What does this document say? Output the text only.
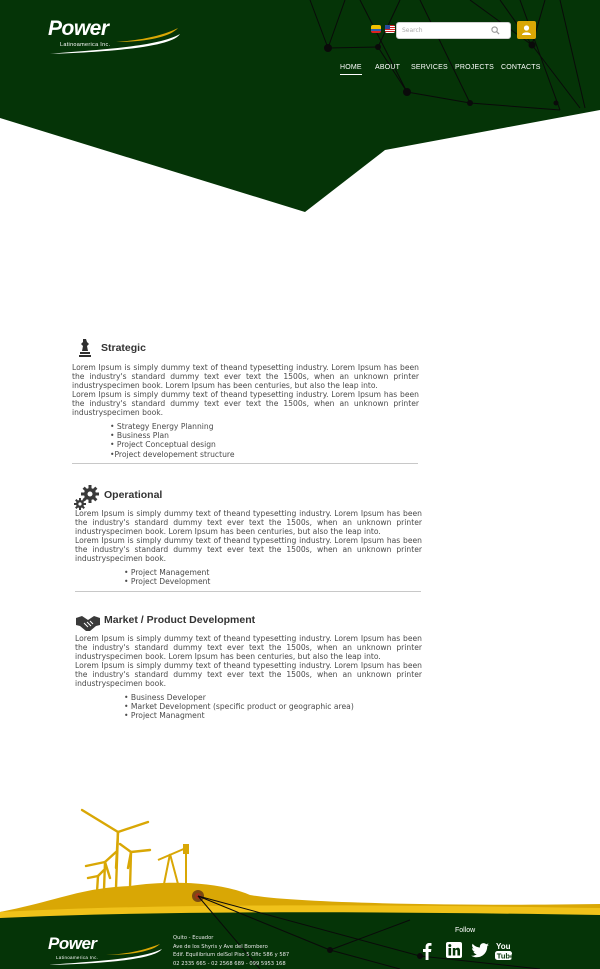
Power
Latinoamerica Inc.
Search
HOME ABOUT SERVICES PROJECTS CONTACTS
Strategic

Lorem Ipsum is simply dummy text of theand typesetting industry. Lorem Ipsum has been the industry's standard dummy text ever text the 1500s, when an unknown printer industryspecimen book. Lorem Ipsum has been centuries, but also the leap into.

Lorem Ipsum is simply dummy text of theand typesetting industry. Lorem Ipsum has been the industry's standard dummy text ever text the 1500s, when an unknown printer industryspecimen book.

• Strategy Energy Planning
• Business Plan
• Project Conceptual design
•Project developement structure
Operational

Lorem Ipsum is simply dummy text of theand typesetting industry. Lorem Ipsum has been the industry's standard dummy text ever text the 1500s, when an unknown printer industryspecimen book. Lorem Ipsum has been centuries, but also the leap into.

Lorem Ipsum is simply dummy text of theand typesetting industry. Lorem Ipsum has been the industry's standard dummy text ever text the 1500s, when an unknown printer industryspecimen book.

• Project Management
• Project Development
Market / Product Development

Lorem Ipsum is simply dummy text of theand typesetting industry. Lorem Ipsum has been the industry's standard dummy text ever text the 1500s, when an unknown printer industryspecimen book. Lorem Ipsum has been centuries, but also the leap into.

Lorem Ipsum is simply dummy text of theand typesetting industry. Lorem Ipsum has been the industry's standard dummy text ever text the 1500s, when an unknown printer industryspecimen book.

• Business Developer
• Market Development (specific product or geographic area)
• Project Managment
Power
Latinoamerica Inc.
Quito - Ecuador
Ave de los Shyris y Ave del Bombero
Edif. Equilibrium delSol Piso 5 Ofic 586 y 587
02 2335 665 - 02 2568 689 - 099 5953 168
Follow
You
Tube
